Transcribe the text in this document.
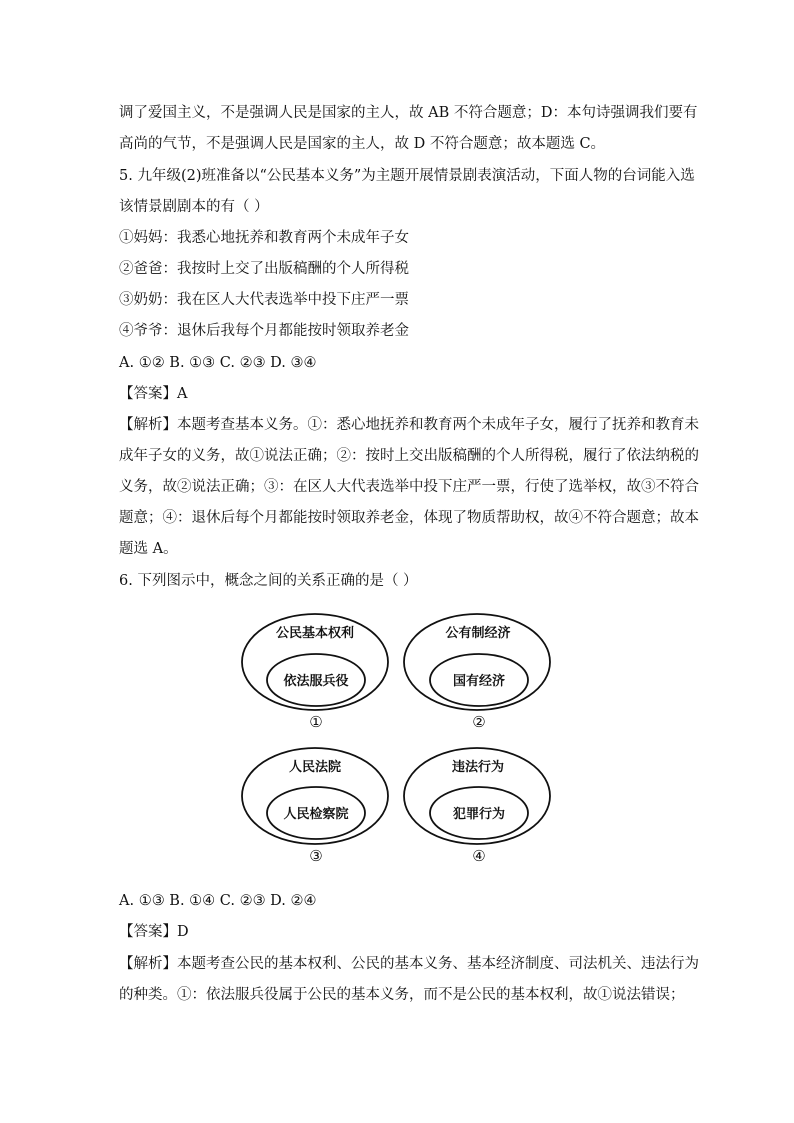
调了爱国主义，不是强调人民是国家的主人，故 AB 不符合题意；D：本句诗强调我们要有
高尚的气节，不是强调人民是国家的主人，故 D 不符合题意；故本题选 C。
5. 九年级(2)班准备以“公民基本义务”为主题开展情景剧表演活动，下面人物的台词能入选
该情景剧剧本的有（ ）
①妈妈：我悉心地抚养和教育两个未成年子女
②爸爸：我按时上交了出版稿酬的个人所得税
③奶奶：我在区人大代表选举中投下庄严一票
④爷爷：退休后我每个月都能按时领取养老金
A. ①② B. ①③ C. ②③ D. ③④
【答案】A
【解析】本题考查基本义务。①：悉心地抚养和教育两个未成年子女，履行了抚养和教育未
成年子女的义务，故①说法正确；②：按时上交出版稿酬的个人所得税，履行了依法纳税的
义务，故②说法正确；③：在区人大代表选举中投下庄严一票，行使了选举权，故③不符合
题意；④：退休后每个月都能按时领取养老金，体现了物质帮助权，故④不符合题意；故本
题选 A。
6. 下列图示中，概念之间的关系正确的是（ ）
公民基本权利
依法服兵役
①
公有制经济
国有经济
②
人民法院
人民检察院
③
违法行为
犯罪行为
④
A. ①③ B. ①④ C. ②③ D. ②④
【答案】D
【解析】本题考查公民的基本权利、公民的基本义务、基本经济制度、司法机关、违法行为
的种类。①：依法服兵役属于公民的基本义务，而不是公民的基本权利，故①说法错误；
